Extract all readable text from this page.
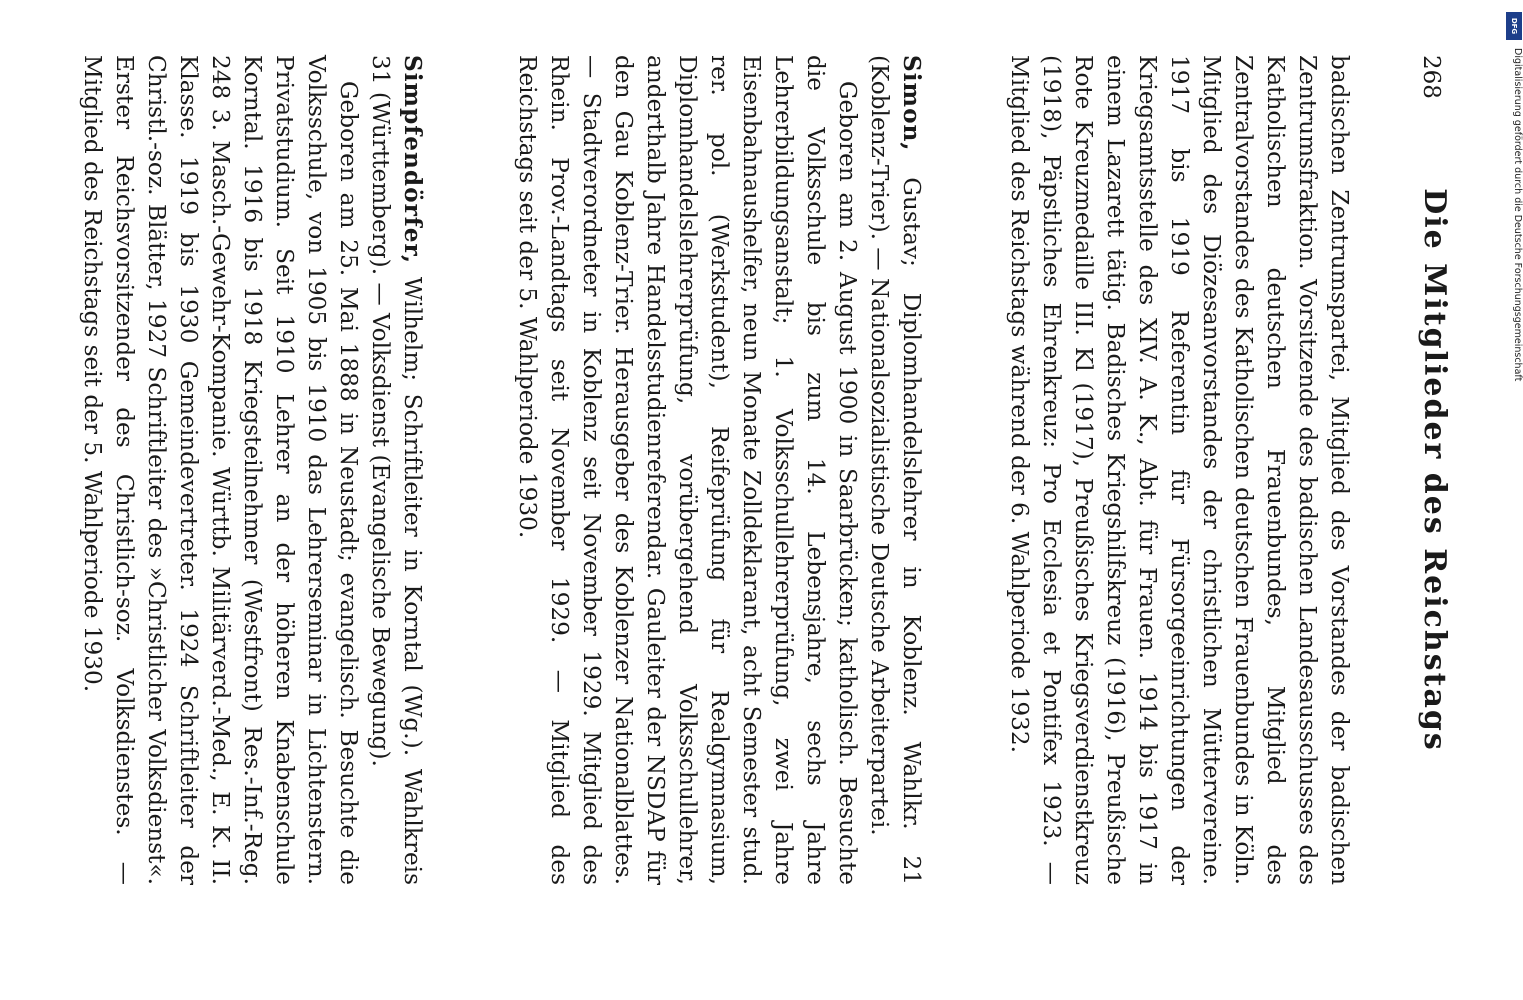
268
Die Mitglieder des Reichstags

badischen Zentrumspartei, Mitglied des Vorstandes der badischen Zentrumsfraktion. Vorsitzende des badischen Landesausschusses des Katholischen deutschen Frauenbundes, Mitglied des Zentralvorstandes des Katholischen deutschen Frauenbundes in Köln. Mitglied des Diözesanvorstandes der christlichen Müttervereine. 1917 bis 1919 Referentin für Fürsorgeeinrichtungen der Kriegsamtsstelle des XIV. A. K., Abt. für Frauen. 1914 bis 1917 in einem Lazarett tätig. Badisches Kriegshilfskreuz (1916), Preußische Rote Kreuzmedaille III. Kl (1917), Preußisches Kriegsverdienstkreuz (1918), Päpstliches Ehrenkreuz: Pro Ecclesia et Pontifex 1923. — Mitglied des Reichstags während der 6. Wahlperiode 1932.

Simon, Gustav; Diplomhandelslehrer in Koblenz. Wahlkr. 21 (Koblenz-Trier). — Nationalsozialistische Deutsche Arbeiterpartei.

Geboren am 2. August 1900 in Saarbrücken; katholisch. Besuchte die Volksschule bis zum 14. Lebensjahre, sechs Jahre Lehrerbildungsanstalt; 1. Volksschullehrerprüfung, zwei Jahre Eisenbahnaushelfer, neun Monate Zolldeklarant, acht Semester stud. rer. pol. (Werkstudent), Reifeprüfung für Realgymnasium, Diplomhandelslehrerprüfung, vorübergehend Volksschullehrer, anderthalb Jahre Handelsstudienreferendar. Gauleiter der NSDAP für den Gau Koblenz-Trier. Herausgeber des Koblenzer Nationalblattes. — Stadtverordneter in Koblenz seit November 1929. Mitglied des Rhein. Prov.-Landtags seit November 1929. — Mitglied des Reichstags seit der 5. Wahlperiode 1930.

Simpfendörfer, Wilhelm; Schriftleiter in Korntal (Wg.). Wahlkreis 31 (Württemberg). — Volksdienst (Evangelische Bewegung).

Geboren am 25. Mai 1888 in Neustadt; evangelisch. Besuchte die Volksschule, von 1905 bis 1910 das Lehrerseminar in Lichtenstern. Privatstudium. Seit 1910 Lehrer an der höheren Knabenschule Korntal. 1916 bis 1918 Kriegsteilnehmer (Westfront) Res.-Inf.-Reg. 248 3. Masch.-Gewehr-Kompanie. Württb. Militärverd.-Med., E. K. II. Klasse. 1919 bis 1930 Gemeindevertreter. 1924 Schriftleiter der Christl.-soz. Blätter, 1927 Schriftleiter des »Christlicher Volksdienst«. Erster Reichsvorsitzender des Christlich-soz. Volksdienstes. — Mitglied des Reichstags seit der 5. Wahlperiode 1930.

DFG
Digitalisierung gefördert durch die Deutsche Forschungsgemeinschaft
